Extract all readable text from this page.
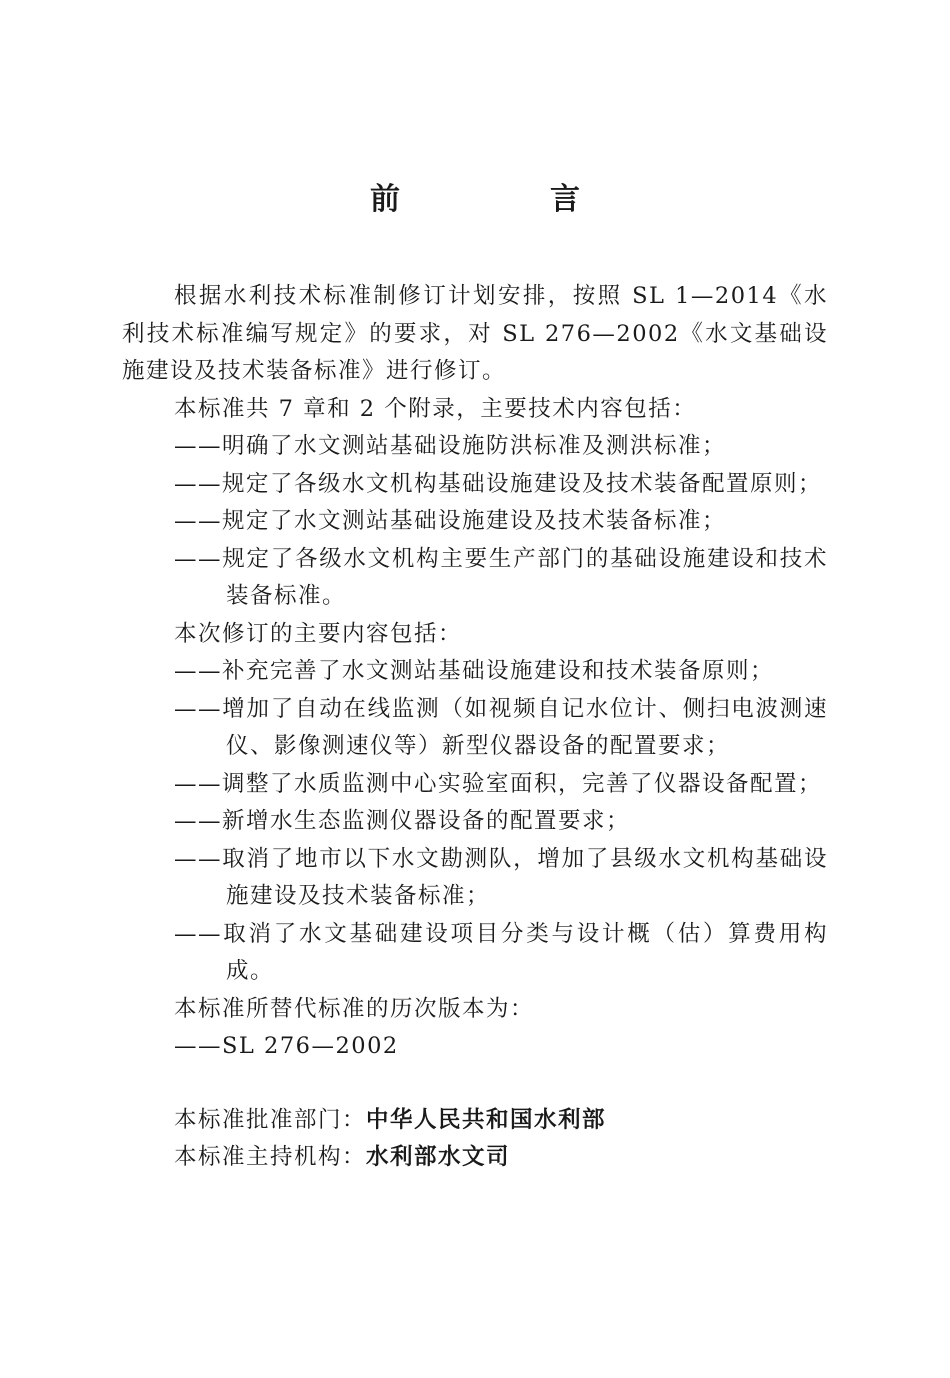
前　言

根据水利技术标准制修订计划安排，按照 SL 1—2014《水利技术标准编写规定》的要求，对 SL 276—2002《水文基础设施建设及技术装备标准》进行修订。

本标准共 7 章和 2 个附录，主要技术内容包括：

——明确了水文测站基础设施防洪标准及测洪标准；

——规定了各级水文机构基础设施建设及技术装备配置原则；

——规定了水文测站基础设施建设及技术装备标准；

——规定了各级水文机构主要生产部门的基础设施建设和技术装备标准。

本次修订的主要内容包括：

——补充完善了水文测站基础设施建设和技术装备原则；

——增加了自动在线监测（如视频自记水位计、侧扫电波测速仪、影像测速仪等）新型仪器设备的配置要求；

——调整了水质监测中心实验室面积，完善了仪器设备配置；

——新增水生态监测仪器设备的配置要求；

——取消了地市以下水文勘测队，增加了县级水文机构基础设施建设及技术装备标准；

——取消了水文基础建设项目分类与设计概（估）算费用构成。

本标准所替代标准的历次版本为：

——SL 276—2002

本标准批准部门：中华人民共和国水利部

本标准主持机构：水利部水文司
